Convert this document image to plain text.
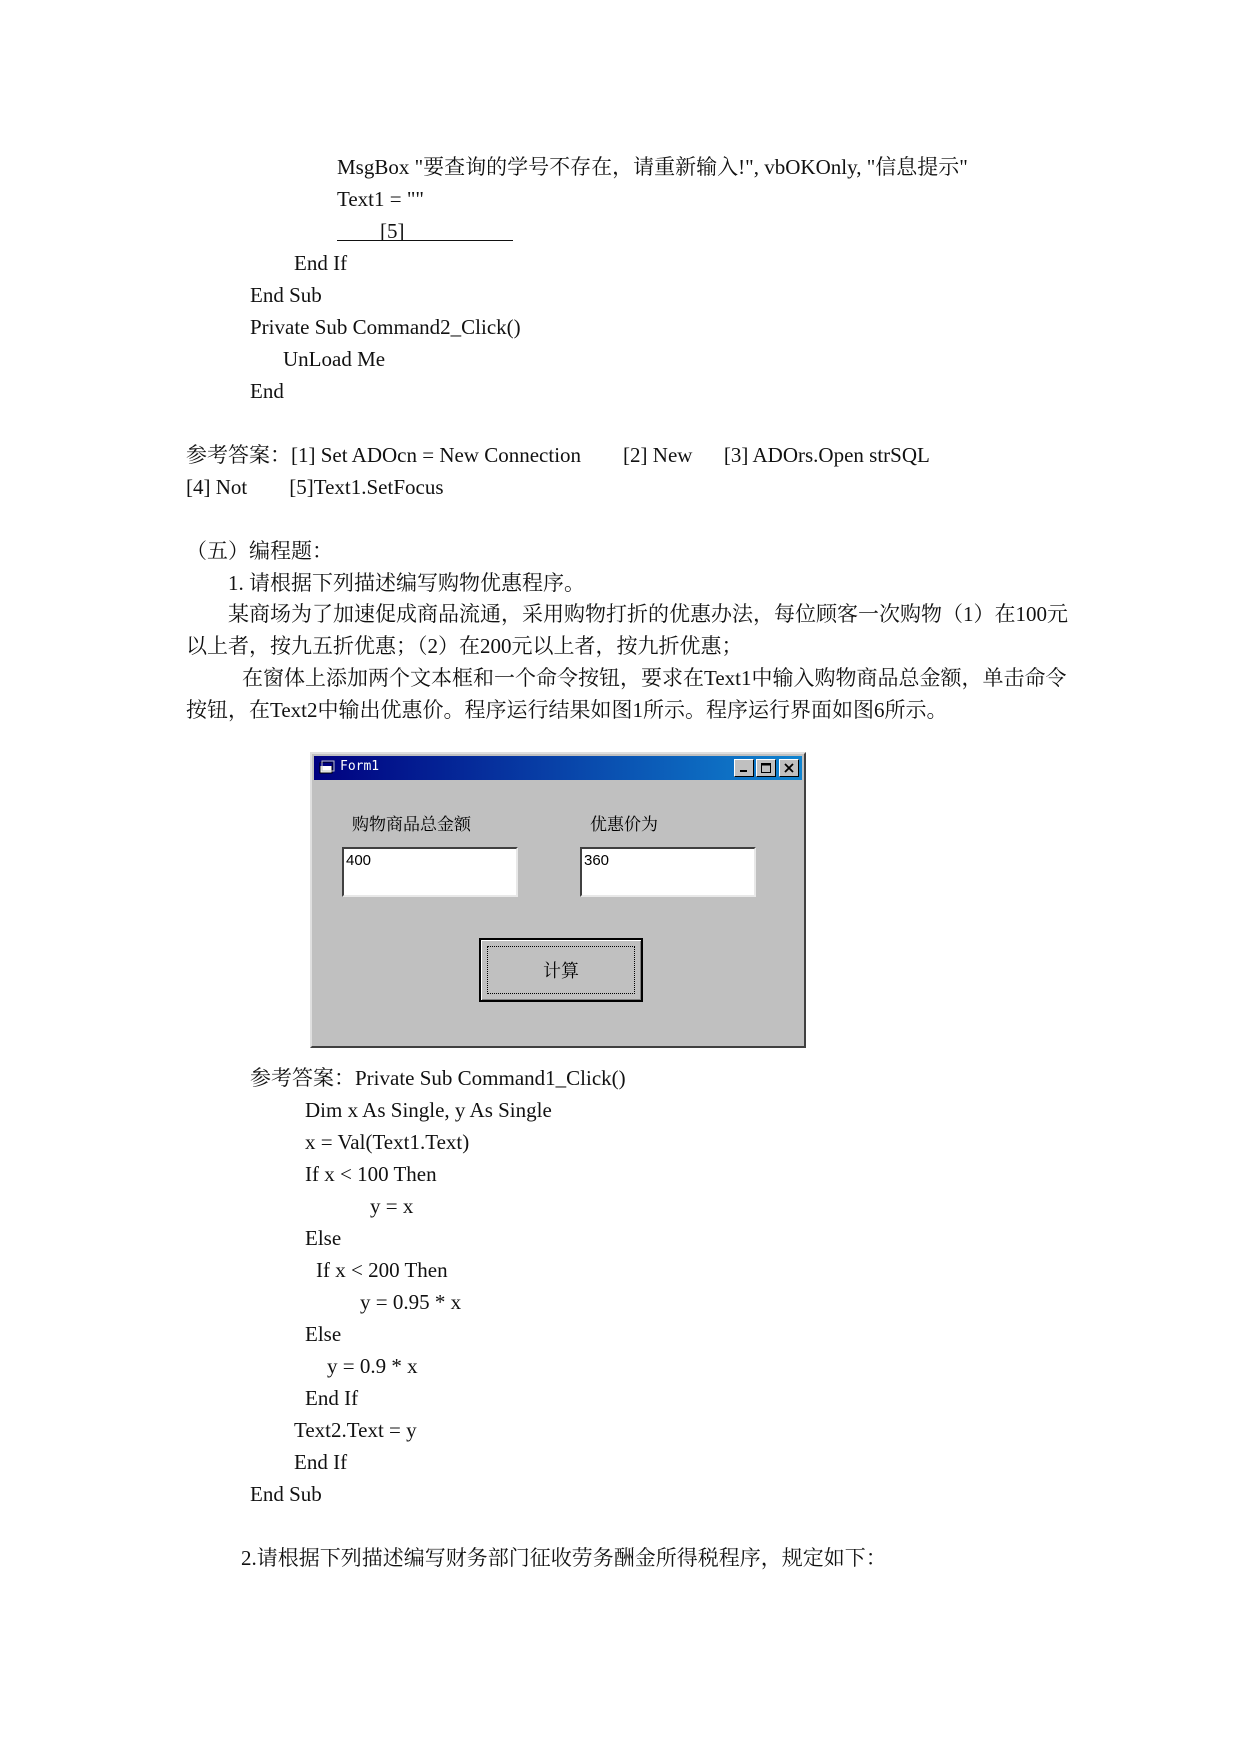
MsgBox "要查询的学号不存在，请重新输入!", vbOKOnly, "信息提示"
Text1 = ""
[5]
End If
End Sub
Private Sub Command2_Click()
UnLoad Me
End
参考答案：[1] Set ADOcn = New Connection        [2] New      [3] ADOrs.Open strSQL
[4] Not        [5]Text1.SetFocus
（五）编程题：
1. 请根据下列描述编写购物优惠程序。
某商场为了加速促成商品流通，采用购物打折的优惠办法，每位顾客一次购物（1）在100元以上者，按九五折优惠；（2）在200元以上者，按九折优惠；
在窗体上添加两个文本框和一个命令按钮，要求在Text1中输入购物商品总金额，单击命令按钮，在Text2中输出优惠价。程序运行结果如图1所示。程序运行界面如图6所示。
Form1
购物商品总金额	优惠价为
400	360
计算
参考答案：Private Sub Command1_Click()
Dim x As Single, y As Single
x = Val(Text1.Text)
If x < 100 Then
y = x
Else
If x < 200 Then
y = 0.95 * x
Else
y = 0.9 * x
End If
Text2.Text = y
End If
End Sub
2.请根据下列描述编写财务部门征收劳务酬金所得税程序，规定如下：
